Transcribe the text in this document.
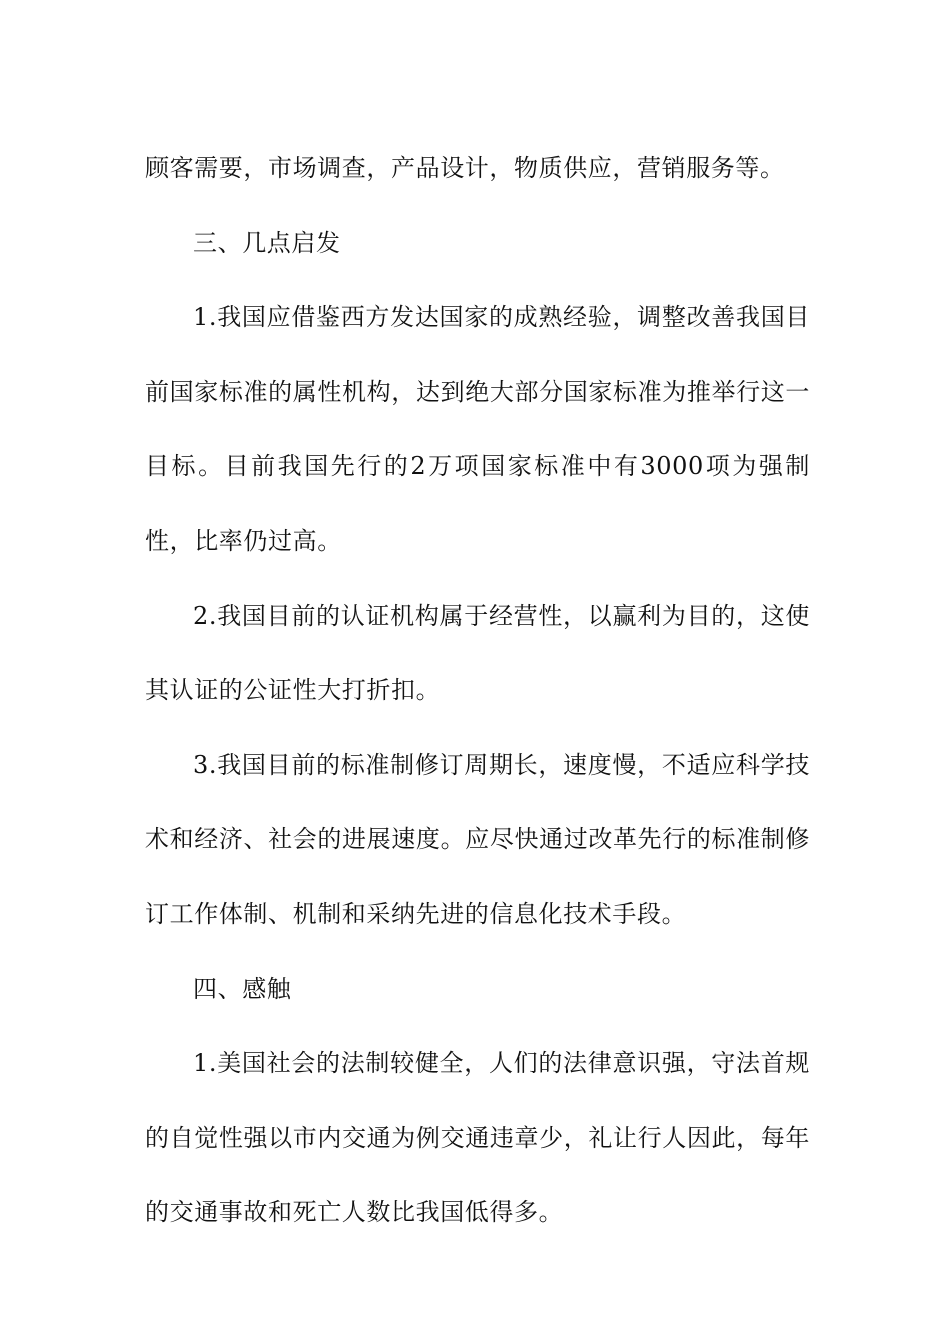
顾客需要，市场调查，产品设计，物质供应，营销服务等。

三、几点启发

1.我国应借鉴西方发达国家的成熟经验，调整改善我国目前国家标准的属性机构，达到绝大部分国家标准为推举行这一目标。目前我国先行的2万项国家标准中有3000项为强制性，比率仍过高。

2.我国目前的认证机构属于经营性，以赢利为目的，这使其认证的公证性大打折扣。

3.我国目前的标准制修订周期长，速度慢，不适应科学技术和经济、社会的进展速度。应尽快通过改革先行的标准制修订工作体制、机制和采纳先进的信息化技术手段。

四、感触

1.美国社会的法制较健全，人们的法律意识强，守法首规的自觉性强以市内交通为例交通违章少，礼让行人因此，每年的交通事故和死亡人数比我国低得多。
